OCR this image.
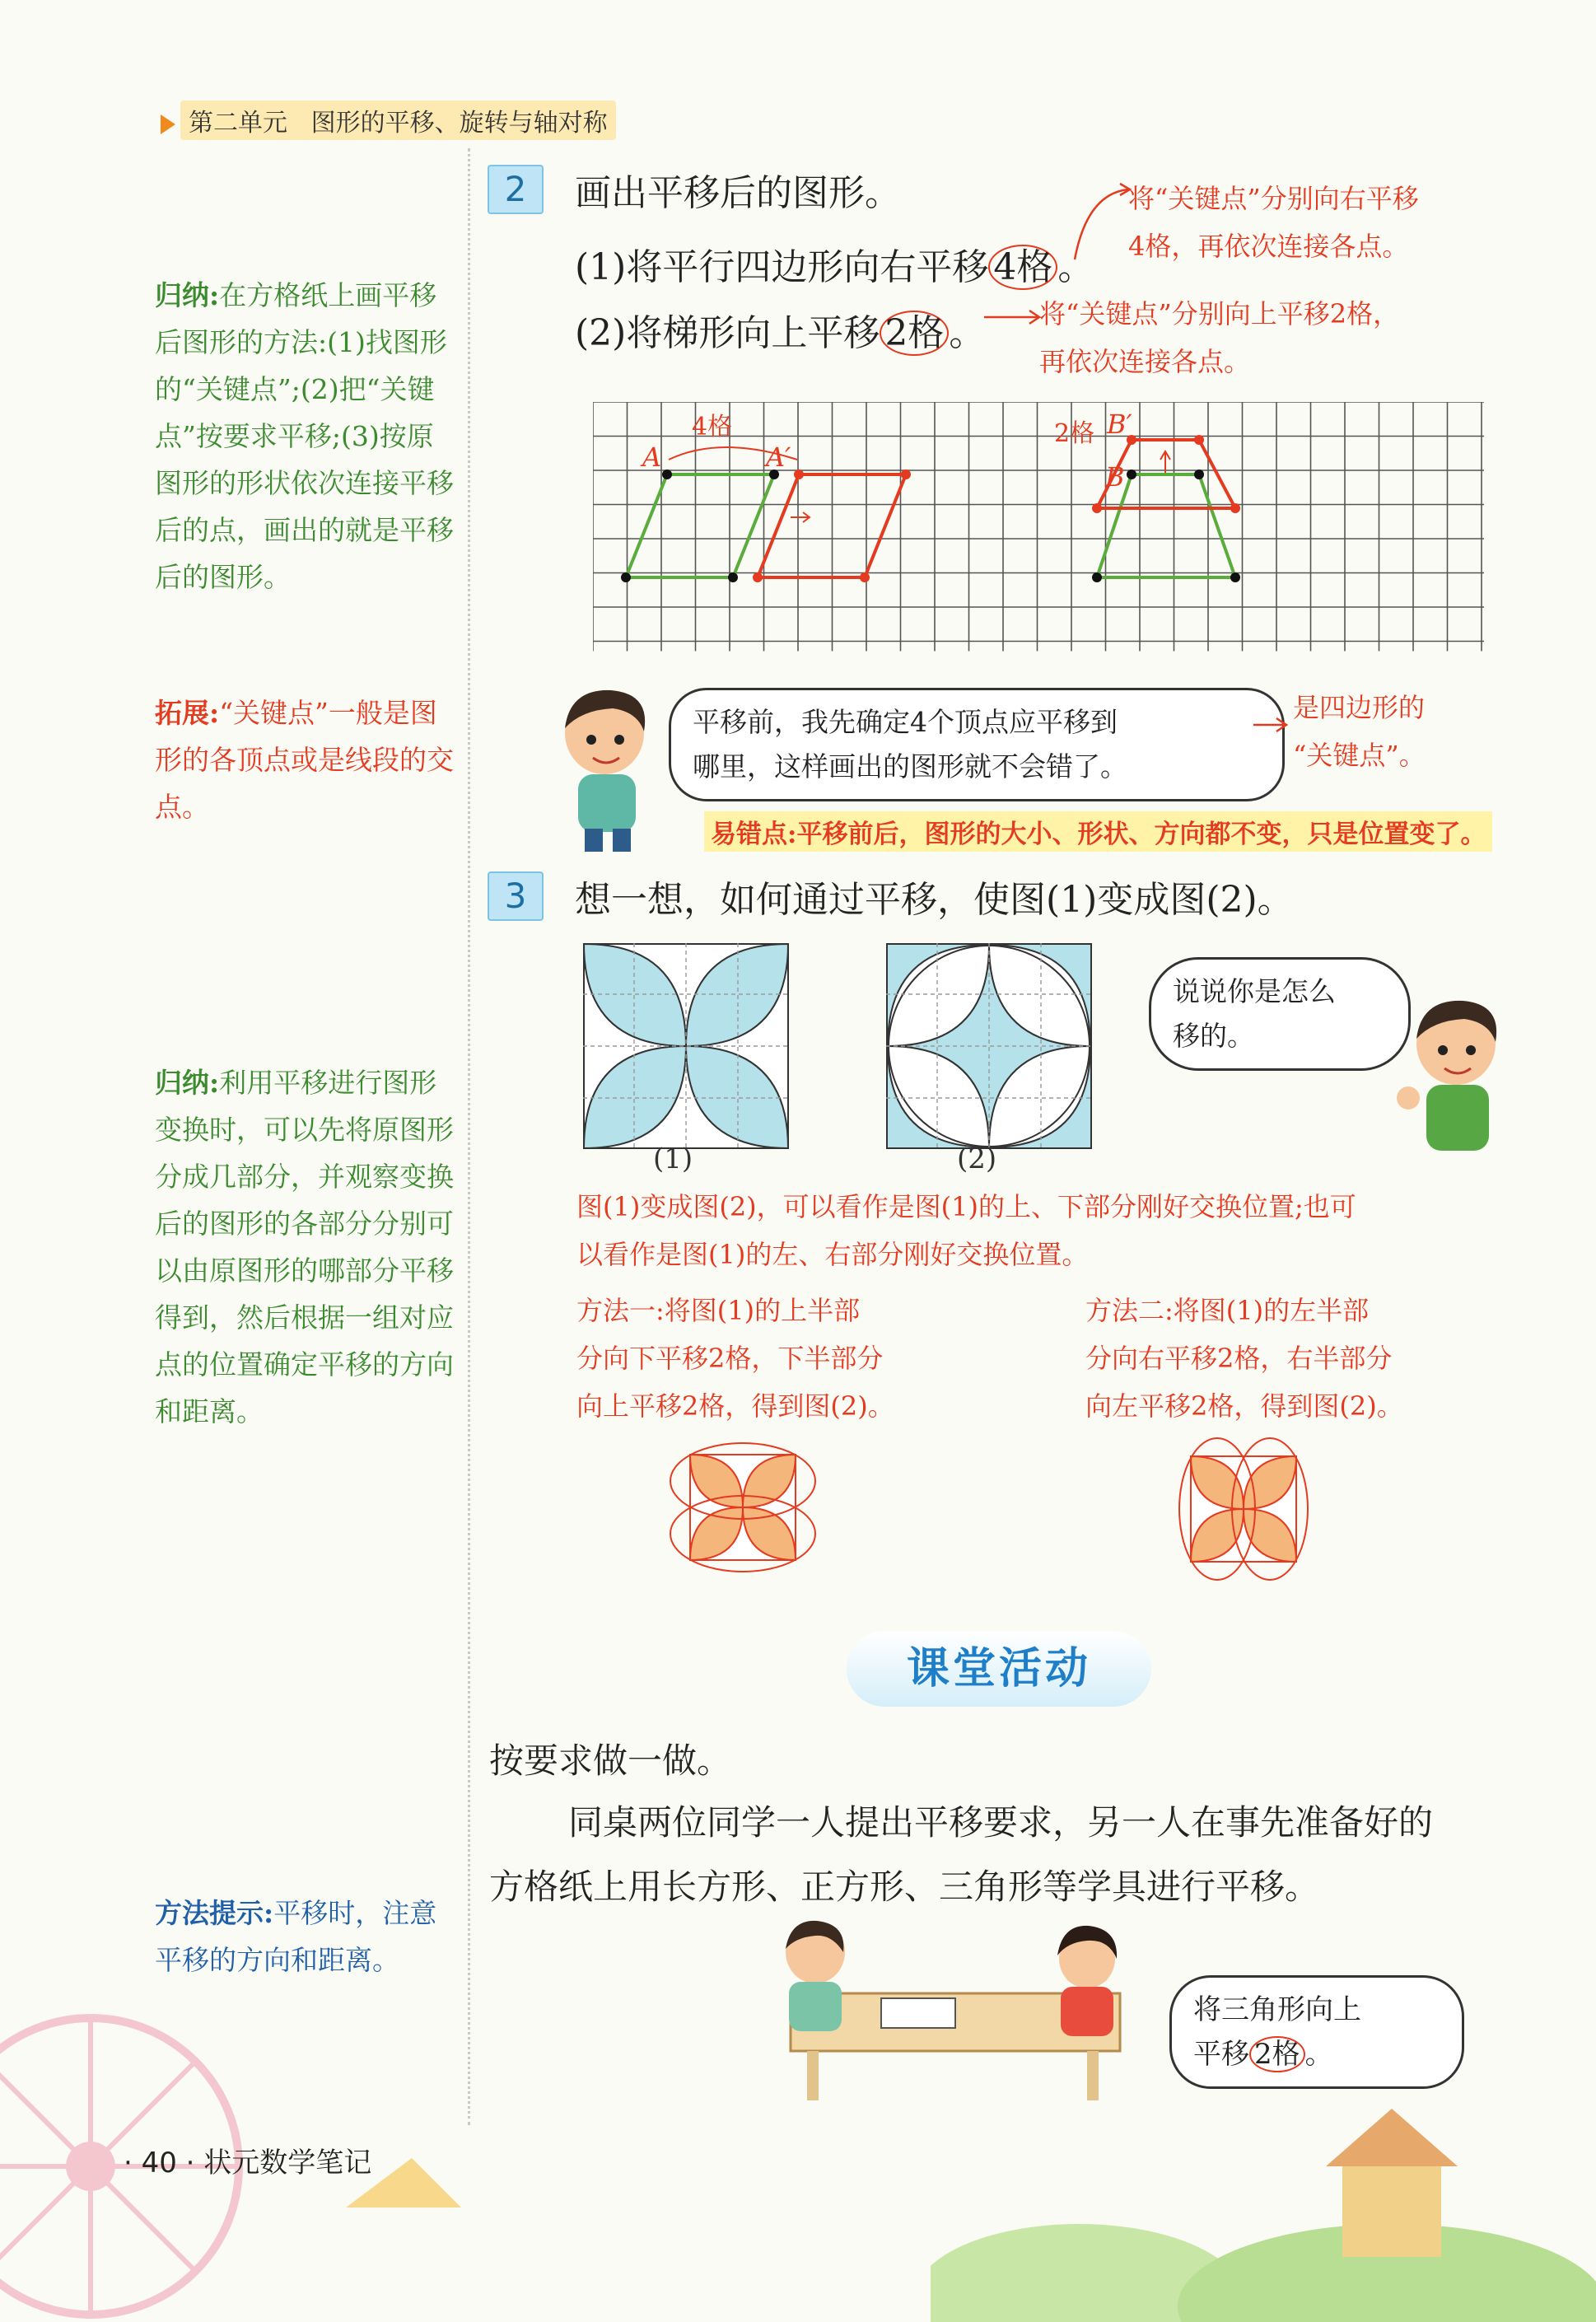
第二单元 图形的平移、旋转与轴对称
归纳:在方格纸上画平移后图形的方法:(1)找图形的“关键点”;(2)把“关键点”按要求平移;(3)按原图形的形状依次连接平移后的点，画出的就是平移后的图形。
拓展:“关键点”一般是图形的各顶点或是线段的交点。
归纳:利用平移进行图形变换时，可以先将原图形分成几部分，并观察变换后的图形的各部分分别可以由原图形的哪部分平移得到，然后根据一组对应点的位置确定平移的方向和距离。
方法提示:平移时，注意平移的方向和距离。
2	画出平移后的图形。
(1)将平行四边形向右平移 4格 。
(2)将梯形向上平移 2格 。
将“关键点”分别向右平移
4格，再依次连接各点。
将“关键点”分别向上平移2格，
再依次连接各点。
A	A′
B
B′
4格	2格
平移前，我先确定4个顶点应平移到
哪里，这样画出的图形就不会错了。
是四边形的
“关键点”。
易错点:平移前后，图形的大小、形状、方向都不变，只是位置变了。
3	想一想，如何通过平移，使图(1)变成图(2)。
(1)	(2)
说说你是怎么
移的。
图(1)变成图(2)，可以看作是图(1)的上、下部分刚好交换位置;也可
以看作是图(1)的左、右部分刚好交换位置。
方法一:将图(1)的上半部
分向下平移2格，下半部分
向上平移2格，得到图(2)。
方法二:将图(1)的左半部
分向右平移2格，右半部分
向左平移2格，得到图(2)。
课堂活动
按要求做一做。
同桌两位同学一人提出平移要求，另一人在事先准备好的
方格纸上用长方形、正方形、三角形等学具进行平移。
将三角形向上
平移 2格 。
· 40 · 状元数学笔记
